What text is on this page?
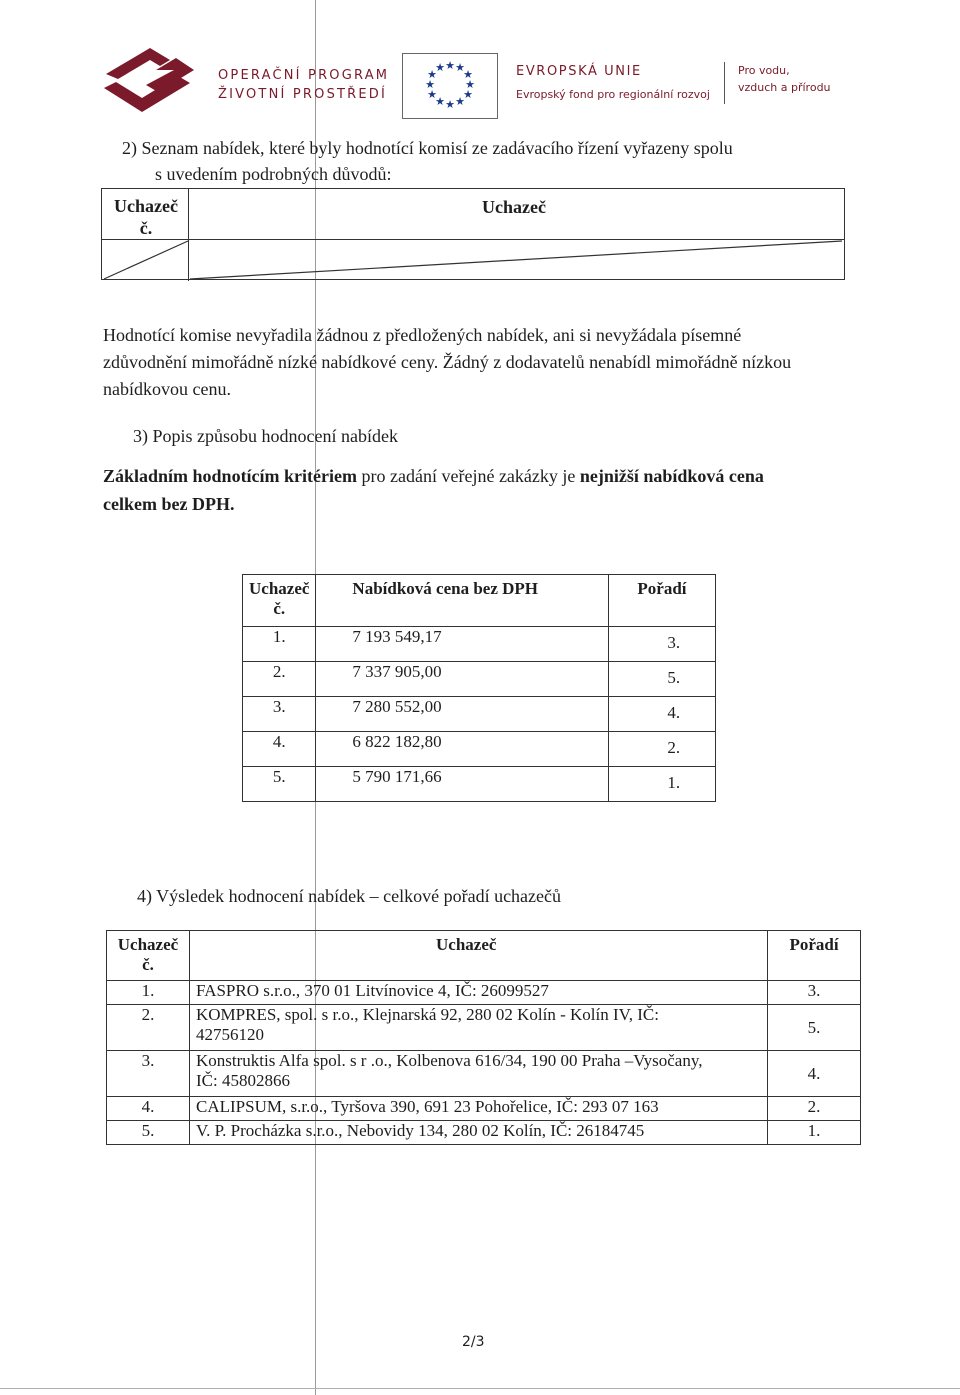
OPERAČNÍ PROGRAM
ŽIVOTNÍ PROSTŘEDÍ
★ ★
★
★
★
★
★
★
★
★
★
★	EVROPSKÁ UNIE
Evropský fond pro regionální rozvoj
Pro vodu,
vzduch a přírodu
2) Seznam nabídek, které byly hodnotící komisí ze zadávacího řízení vyřazeny spolu
s uvedením podrobných důvodů:
Uchazeč
č.
Uchazeč
Hodnotící komise nevyřadila žádnou z předložených nabídek, ani si nevyžádala písemné
zdůvodnění mimořádně nízké nabídkové ceny. Žádný z dodavatelů nenabídl mimořádně nízkou
nabídkovou cenu.
3) Popis způsobu hodnocení nabídek
Základním hodnotícím kritériem pro zadání veřejné zakázky je nejnižší nabídková cena
celkem bez DPH.
Uchazeč
č.	Nabídková cena bez DPH	Pořadí
1.	7 193 549,17	3.
2.	7 337 905,00	5.
3.	7 280 552,00	4.
4.	6 822 182,80	2.
5.	5 790 171,66	1.
4) Výsledek hodnocení nabídek – celkové pořadí uchazečů
Uchazeč
č.	Uchazeč	Pořadí
1.	FASPRO s.r.o., 370 01 Litvínovice 4, IČ: 26099527	3.
2.	KOMPRES, spol. s r.o., Klejnarská 92, 280 02 Kolín - Kolín IV, IČ:
42756120	5.
3.	Konstruktis Alfa spol. s r .o., Kolbenova 616/34, 190 00 Praha –Vysočany,
IČ: 45802866	4.
4.	CALIPSUM, s.r.o., Tyršova 390, 691 23 Pohořelice, IČ: 293 07 163	2.
5.	V. P. Procházka s.r.o., Nebovidy 134, 280 02 Kolín, IČ: 26184745	1.
2/3
